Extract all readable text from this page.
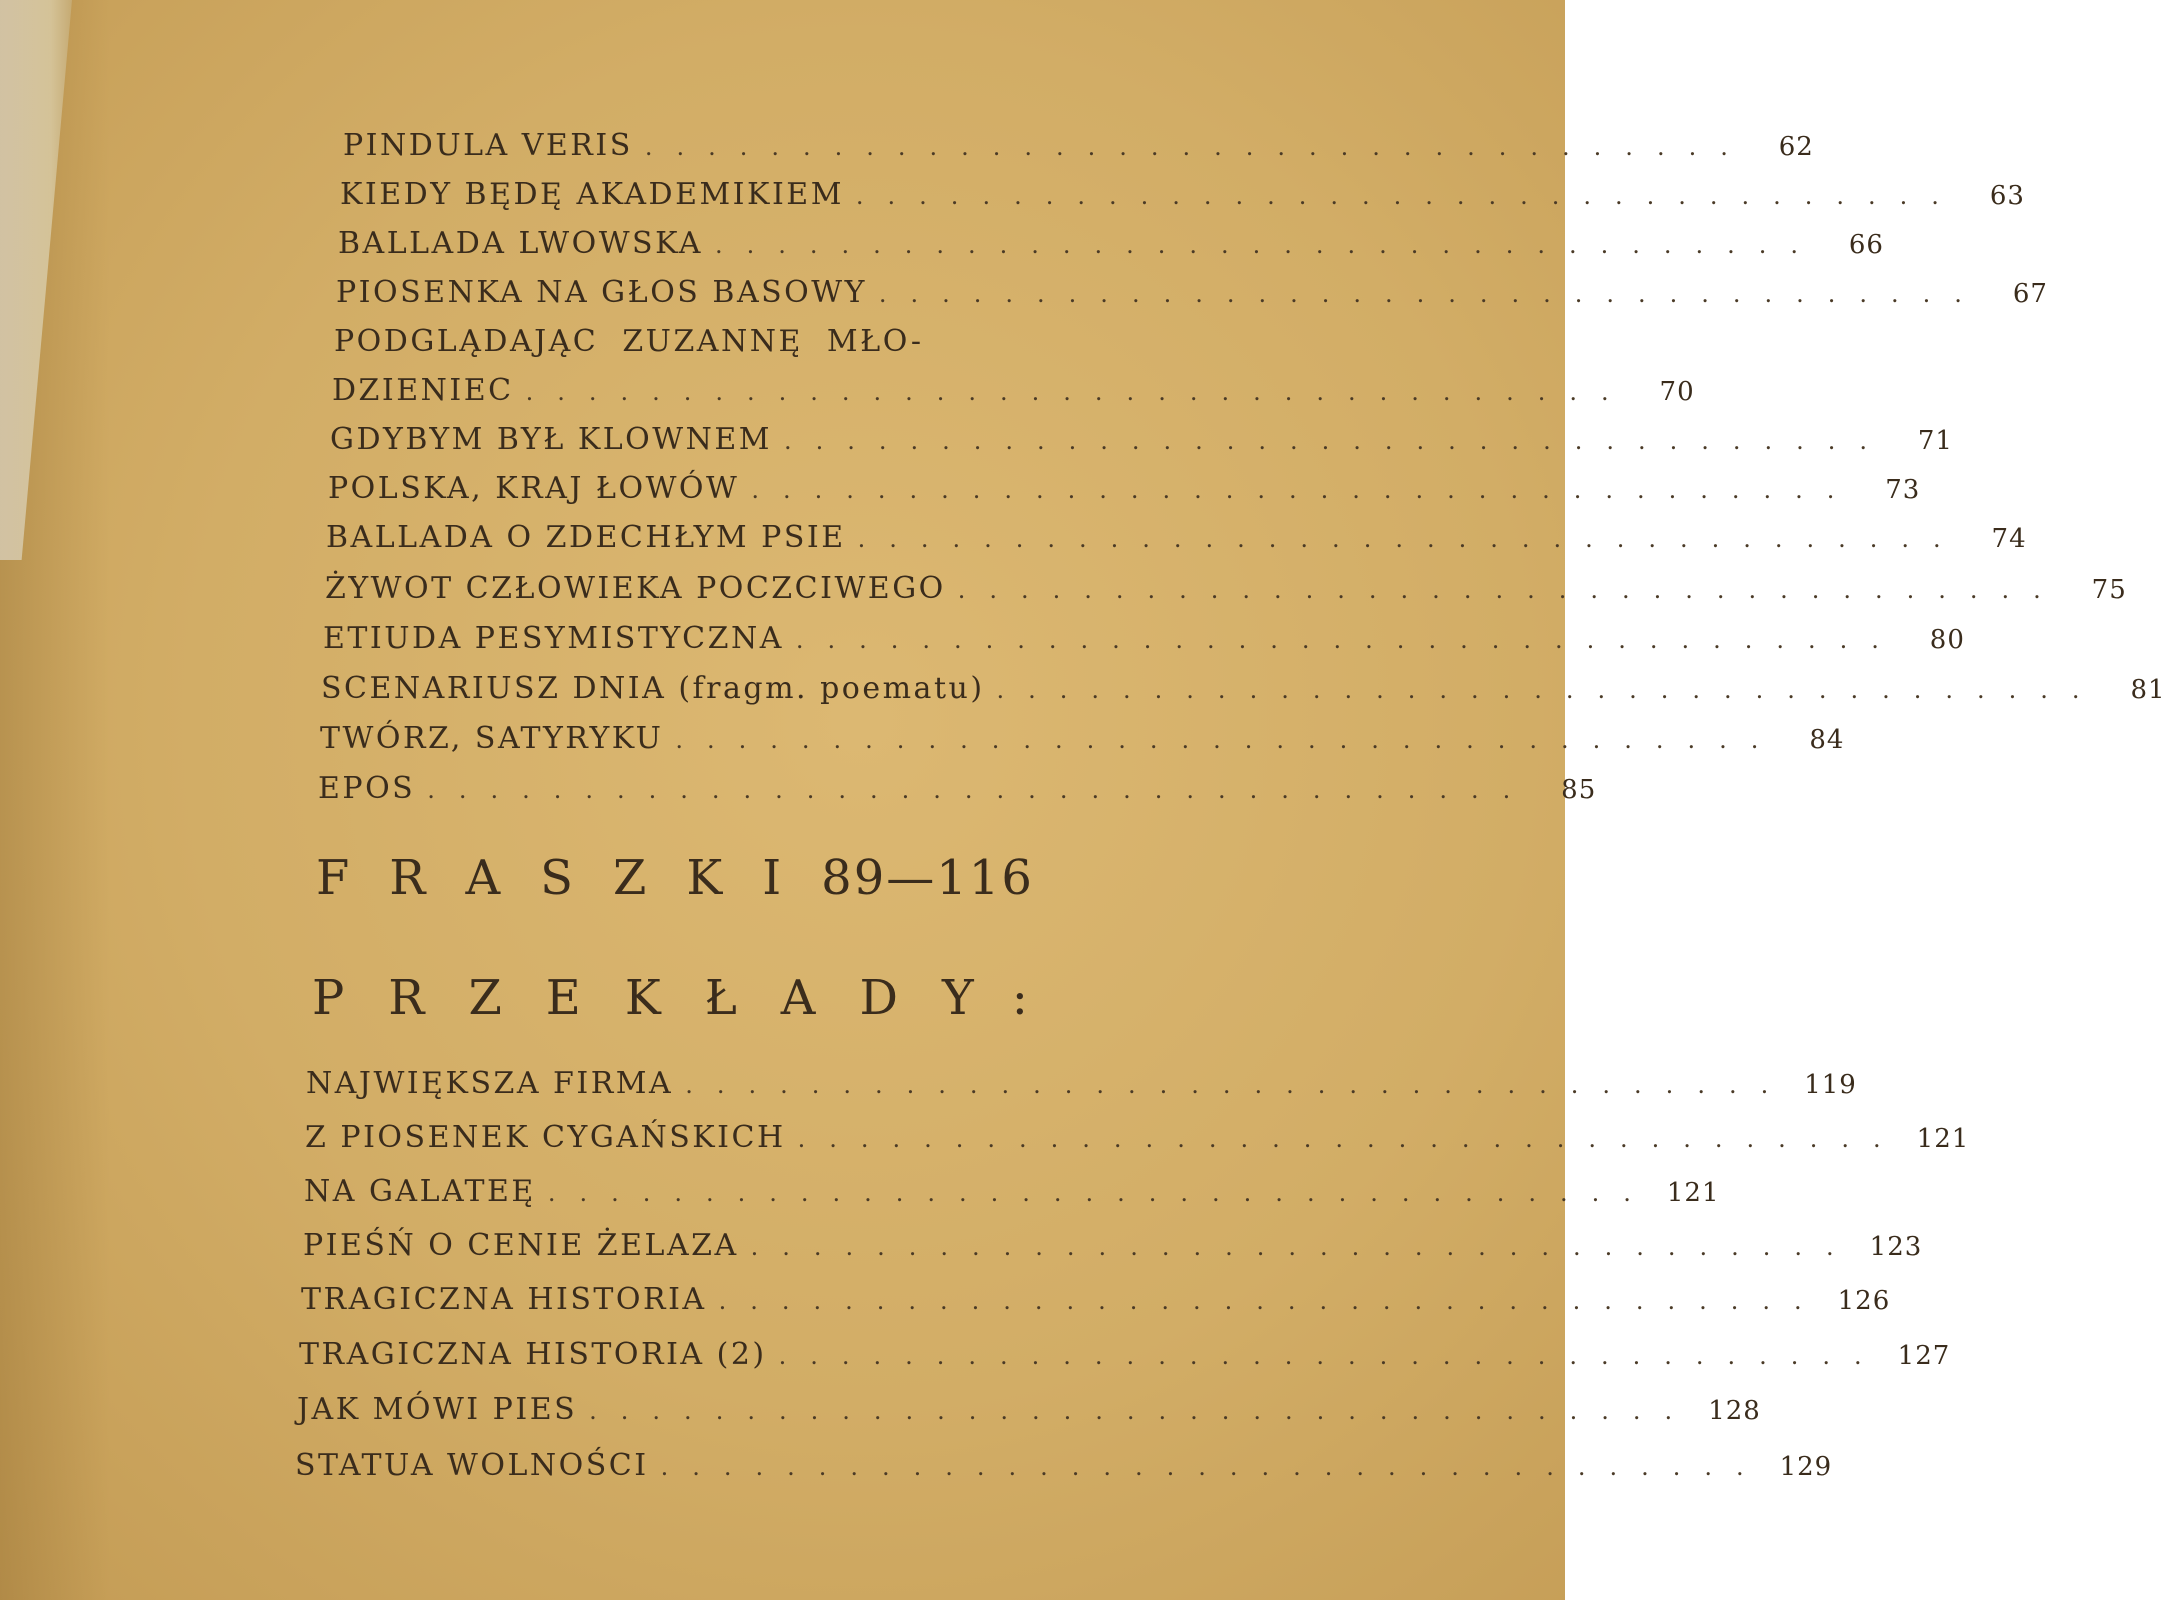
PINDULA VERIS ...................................	62
KIEDY BĘDĘ AKADEMIKIEM ...................................	63
BALLADA LWOWSKA ...................................	66
PIOSENKA NA GŁOS BASOWY ...................................	67
PODGLĄDAJĄC  ZUZANNĘ  MŁO-
DZIENIEC ...................................	70
GDYBYM BYŁ KLOWNEM ...................................	71
POLSKA, KRAJ ŁOWÓW ...................................	73
BALLADA O ZDECHŁYM PSIE ...................................	74
ŻYWOT CZŁOWIEKA POCZCIWEGO ...................................	75
ETIUDA PESYMISTYCZNA ...................................	80
SCENARIUSZ DNIA (fragm. poematu) ...................................	81
TWÓRZ, SATYRYKU ...................................	84
EPOS ...................................	85
FRASZKI89—116
PRZEKŁADY:
NAJWIĘKSZA FIRMA ................................... 119
Z PIOSENEK CYGAŃSKICH ................................... 121
NA GALATEĘ ................................... 121
PIEŚŃ O CENIE ŻELAZA ................................... 123
TRAGICZNA HISTORIA ................................... 126
TRAGICZNA HISTORIA (2) ................................... 127
JAK MÓWI PIES ................................... 128
STATUA WOLNOŚCI ................................... 129
